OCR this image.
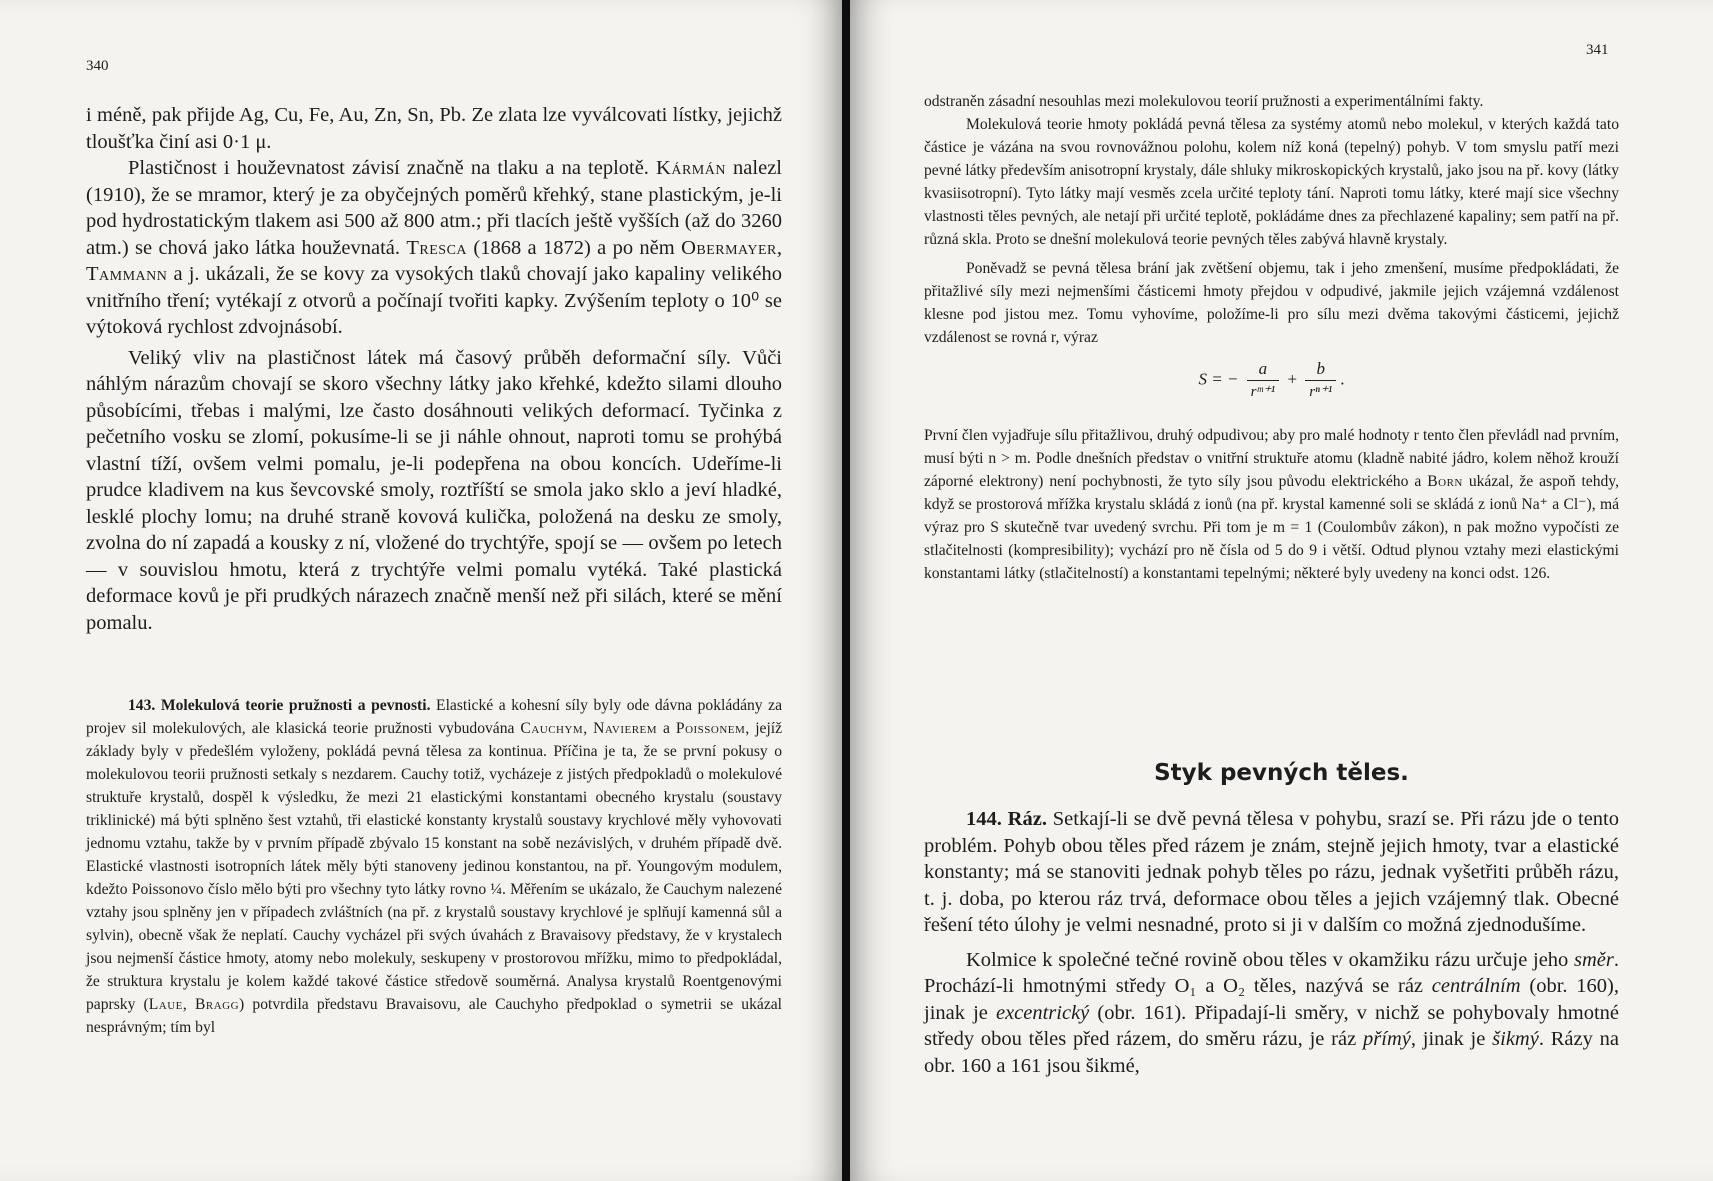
340

i méně, pak přijde Ag, Cu, Fe, Au, Zn, Sn, Pb. Ze zlata lze vyválcovati lístky, jejichž tloušťka činí asi 0·1 μ.

Plastičnost i houževnatost závisí značně na tlaku a na teplotě. Kármán nalezl (1910), že se mramor, který je za obyčejných poměrů křehký, stane plastickým, je-li pod hydrostatickým tlakem asi 500 až 800 atm.; při tlacích ještě vyšších (až do 3260 atm.) se chová jako látka houževnatá. Tresca (1868 a 1872) a po něm Obermayer, Tammann a j. ukázali, že se kovy za vysokých tlaků chovají jako kapaliny velikého vnitřního tření; vytékají z otvorů a počínají tvořiti kapky. Zvýšením teploty o 10⁰ se výtoková rychlost zdvojnásobí.

Veliký vliv na plastičnost látek má časový průběh deformační síly. Vůči náhlým nárazům chovají se skoro všechny látky jako křehké, kdežto silami dlouho působícími, třebas i malými, lze často dosáhnouti velikých deformací. Tyčinka z pečetního vosku se zlomí, pokusíme-li se ji náhle ohnout, naproti tomu se prohýbá vlastní tíží, ovšem velmi pomalu, je-li podepřena na obou koncích. Udeříme-li prudce kladivem na kus ševcovské smoly, roztříští se smola jako sklo a jeví hladké, lesklé plochy lomu; na druhé straně kovová kulička, položená na desku ze smoly, zvolna do ní zapadá a kousky z ní, vložené do trychtýře, spojí se — ovšem po letech — v souvislou hmotu, která z trychtýře velmi pomalu vytéká. Také plastická deformace kovů je při prudkých nárazech značně menší než při silách, které se mění pomalu.

143. Molekulová teorie pružnosti a pevnosti. Elastické a kohesní síly byly ode dávna pokládány za projev sil molekulových, ale klasická teorie pružnosti vybudována Cauchym, Navierem a Poissonem, jejíž základy byly v předešlém vyloženy, pokládá pevná tělesa za kontinua. Příčina je ta, že se první pokusy o molekulovou teorii pružnosti setkaly s nezdarem. Cauchy totiž, vycházeje z jistých předpokladů o molekulové struktuře krystalů, dospěl k výsledku, že mezi 21 elastickými konstantami obecného krystalu (soustavy triklinické) má býti splněno šest vztahů, tři elastické konstanty krystalů soustavy krychlové měly vyhovovati jednomu vztahu, takže by v prvním případě zbývalo 15 konstant na sobě nezávislých, v druhém případě dvě. Elastické vlastnosti isotropních látek měly býti stanoveny jedinou konstantou, na př. Youngovým modulem, kdežto Poissonovo číslo mělo býti pro všechny tyto látky rovno ¼. Měřením se ukázalo, že Cauchym nalezené vztahy jsou splněny jen v případech zvláštních (na př. z krystalů soustavy krychlové je splňují kamenná sůl a sylvin), obecně však že neplatí. Cauchy vycházel při svých úvahách z Bravaisovy představy, že v krystalech jsou nejmenší částice hmoty, atomy nebo molekuly, seskupeny v prostorovou mřížku, mimo to předpokládal, že struktura krystalu je kolem každé takové částice středově souměrná. Analysa krystalů Roentgenovými paprsky (Laue, Bragg) potvrdila představu Bravaisovu, ale Cauchyho předpoklad o symetrii se ukázal nesprávným; tím byl

341

odstraněn zásadní nesouhlas mezi molekulovou teorií pružnosti a experimentálními fakty.

Molekulová teorie hmoty pokládá pevná tělesa za systémy atomů nebo molekul, v kterých každá tato částice je vázána na svou rovnovážnou polohu, kolem níž koná (tepelný) pohyb. V tom smyslu patří mezi pevné látky především anisotropní krystaly, dále shluky mikroskopických krystalů, jako jsou na př. kovy (látky kvasiisotropní). Tyto látky mají vesměs zcela určité teploty tání. Naproti tomu látky, které mají sice všechny vlastnosti těles pevných, ale netají při určité teplotě, pokládáme dnes za přechlazené kapaliny; sem patří na př. různá skla. Proto se dnešní molekulová teorie pevných těles zabývá hlavně krystaly.

Poněvadž se pevná tělesa brání jak zvětšení objemu, tak i jeho zmenšení, musíme předpokládati, že přitažlivé síly mezi nejmenšími částicemi hmoty přejdou v odpudivé, jakmile jejich vzájemná vzdálenost klesne pod jistou mez. Tomu vyhovíme, položíme-li pro sílu mezi dvěma takovými částicemi, jejichž vzdálenost se rovná r, výraz

S = − $\frac{a}{\text{rᵐ⁺¹}} + \frac{b}{\text{rⁿ⁺¹}}$ .

První člen vyjadřuje sílu přitažlivou, druhý odpudivou; aby pro malé hodnoty r tento člen převládl nad prvním, musí býti n > m. Podle dnešních představ o vnitřní struktuře atomu (kladně nabité jádro, kolem něhož krouží záporné elektrony) není pochybnosti, že tyto síly jsou původu elektrického a Born ukázal, že aspoň tehdy, když se prostorová mřížka krystalu skládá z ionů (na př. krystal kamenné soli se skládá z ionů Na⁺ a Cl⁻), má výraz pro S skutečně tvar uvedený svrchu. Při tom je m = 1 (Coulombův zákon), n pak možno vypočísti ze stlačitelnosti (kompresibility); vychází pro ně čísla od 5 do 9 i větší. Odtud plynou vztahy mezi elastickými konstantami látky (stlačitelností) a konstantami tepelnými; některé byly uvedeny na konci odst. 126.

144. Ráz. Setkají-li se dvě pevná tělesa v pohybu, srazí se. Při rázu jde o tento problém. Pohyb obou těles před rázem je znám, stejně jejich hmoty, tvar a elastické konstanty; má se stanoviti jednak pohyb těles po rázu, jednak vyšetřiti průběh rázu, t. j. doba, po kterou ráz trvá, deformace obou těles a jejich vzájemný tlak. Obecné řešení této úlohy je velmi nesnadné, proto si ji v dalším co možná zjednodušíme.

Kolmice k společné tečné rovině obou těles v okamžiku rázu určuje jeho směr. Prochází-li hmotnými středy O₁ a O₂ těles, nazývá se ráz centrálním (obr. 160), jinak je excentrický (obr. 161). Připadají-li směry, v nichž se pohybovaly hmotné středy obou těles před rázem, do směru rázu, je ráz přímý, jinak je šikmý. Rázy na obr. 160 a 161 jsou šikmé,

Styk pevných těles.
